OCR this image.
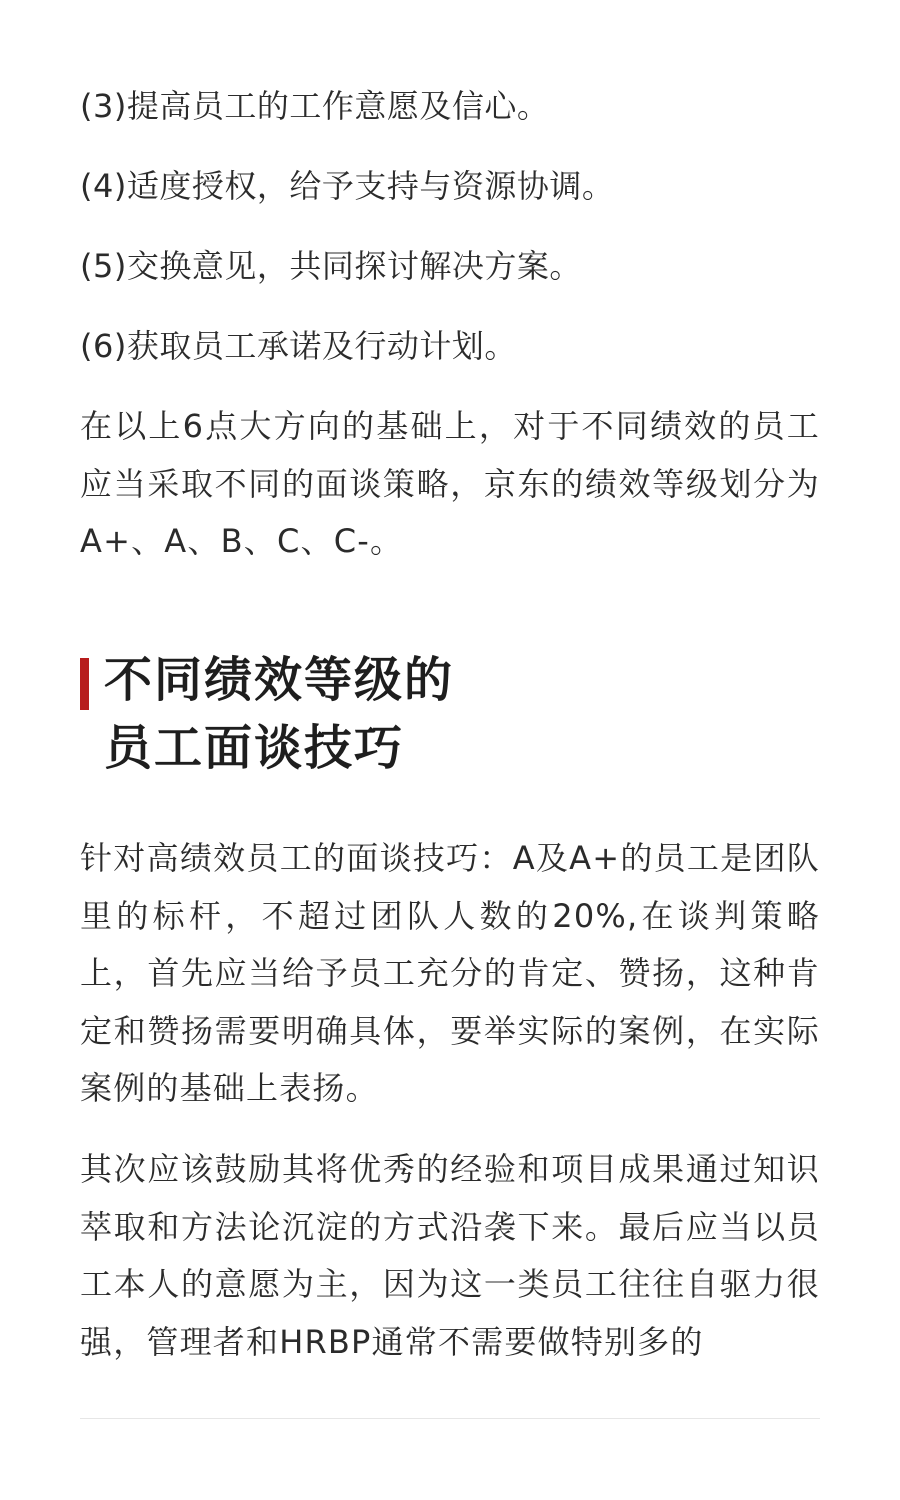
(3)提高员工的工作意愿及信心。
(4)适度授权，给予支持与资源协调。
(5)交换意见，共同探讨解决方案。
(6)获取员工承诺及行动计划。
在以上6点大方向的基础上，对于不同绩效的员工应当采取不同的面谈策略，京东的绩效等级划分为A+、A、B、C、C-。
不同绩效等级的
员工面谈技巧
针对高绩效员工的面谈技巧：A及A+的员工是团队里的标杆，不超过团队人数的20%,在谈判策略上，首先应当给予员工充分的肯定、赞扬，这种肯定和赞扬需要明确具体，要举实际的案例，在实际案例的基础上表扬。
其次应该鼓励其将优秀的经验和项目成果通过知识萃取和方法论沉淀的方式沿袭下来。最后应当以员工本人的意愿为主，因为这一类员工往往自驱力很强，管理者和HRBP通常不需要做特别多的
